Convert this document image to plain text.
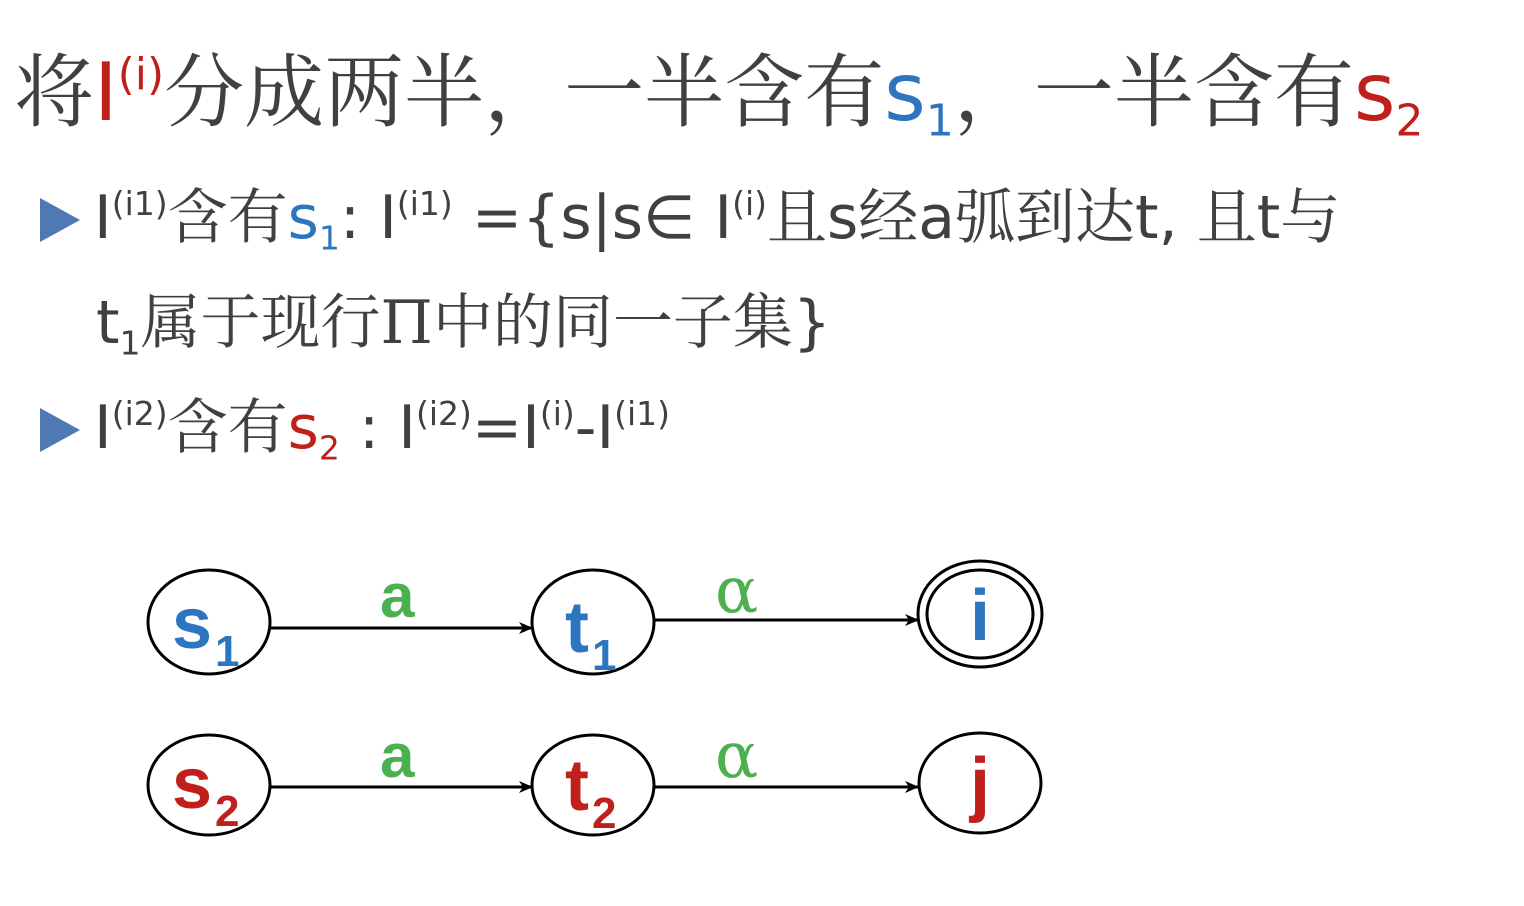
将$I^{(i)}$分成两半，一半含有$s_1$，一半含有$s_2$
$I^{(i1)}$含有$s_1$: $I^{(i1)}$ ={s|s∈ $I^{(i)}$且s经a弧到达t, 且t与
$t_1$属于现行Π中的同一子集}
$I^{(i2)}$含有$s_2$ : $I^{(i2)}=I^{(i)}-I^{(i1)}$
s 1
a t 1
α	i
s 2
a t 2
α	j
